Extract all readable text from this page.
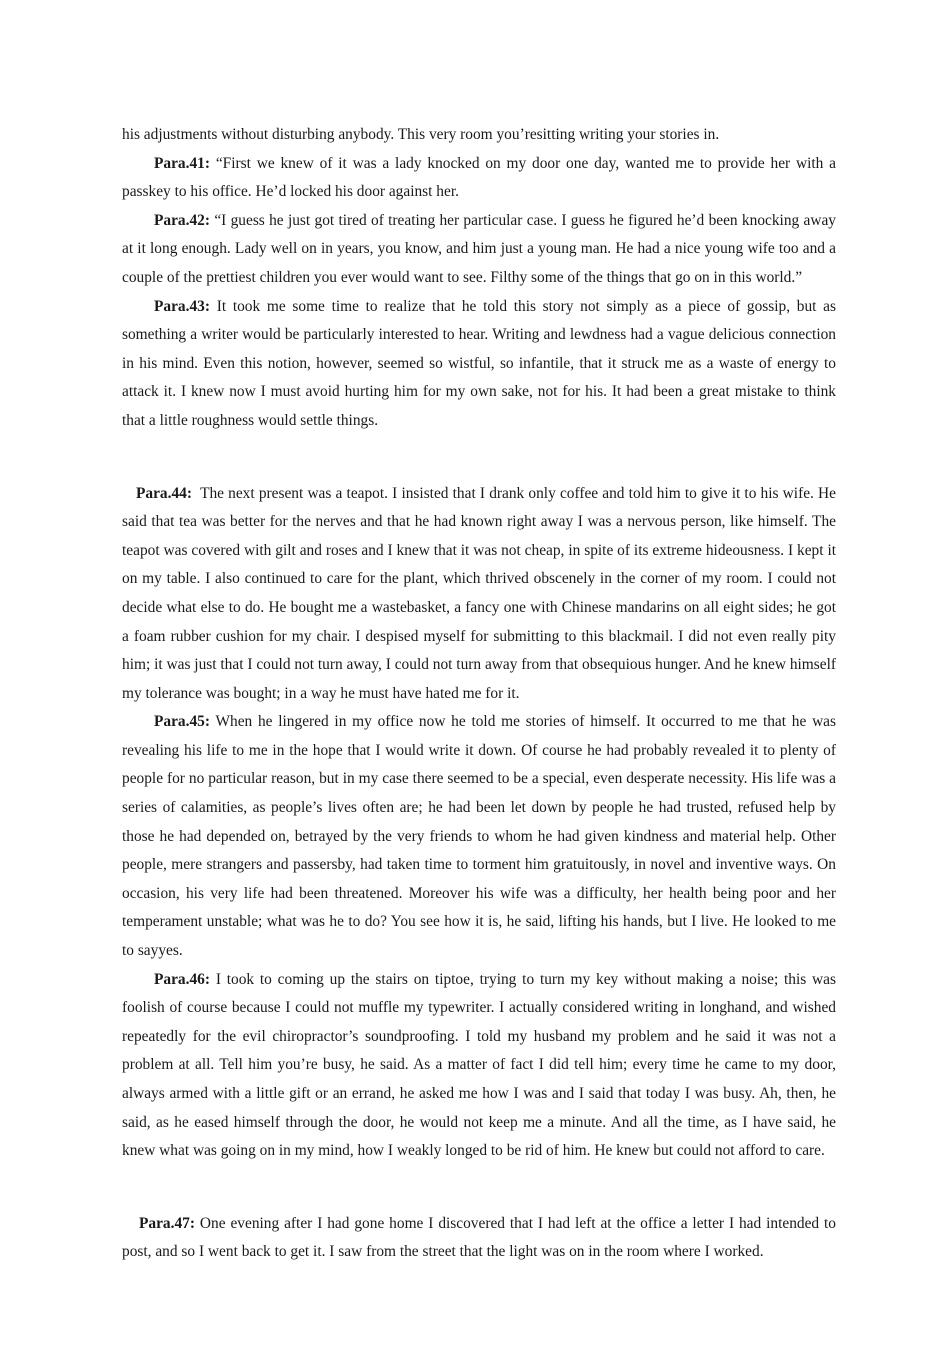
his adjustments without disturbing anybody. This very room you’resitting writing your stories in.

Para.41: “First we knew of it was a lady knocked on my door one day, wanted me to provide her with a passkey to his office. He’d locked his door against her.

Para.42: “I guess he just got tired of treating her particular case. I guess he figured he’d been knocking away at it long enough. Lady well on in years, you know, and him just a young man. He had a nice young wife too and a couple of the prettiest children you ever would want to see. Filthy some of the things that go on in this world.”

Para.43: It took me some time to realize that he told this story not simply as a piece of gossip, but as something a writer would be particularly interested to hear. Writing and lewdness had a vague delicious connection in his mind. Even this notion, however, seemed so wistful, so infantile, that it struck me as a waste of energy to attack it. I knew now I must avoid hurting him for my own sake, not for his. It had been a great mistake to think that a little roughness would settle things.

Para.44: The next present was a teapot. I insisted that I drank only coffee and told him to give it to his wife. He said that tea was better for the nerves and that he had known right away I was a nervous person, like himself. The teapot was covered with gilt and roses and I knew that it was not cheap, in spite of its extreme hideousness. I kept it on my table. I also continued to care for the plant, which thrived obscenely in the corner of my room. I could not decide what else to do. He bought me a wastebasket, a fancy one with Chinese mandarins on all eight sides; he got a foam rubber cushion for my chair. I despised myself for submitting to this blackmail. I did not even really pity him; it was just that I could not turn away, I could not turn away from that obsequious hunger. And he knew himself my tolerance was bought; in a way he must have hated me for it.

Para.45: When he lingered in my office now he told me stories of himself. It occurred to me that he was revealing his life to me in the hope that I would write it down. Of course he had probably revealed it to plenty of people for no particular reason, but in my case there seemed to be a special, even desperate necessity. His life was a series of calamities, as people’s lives often are; he had been let down by people he had trusted, refused help by those he had depended on, betrayed by the very friends to whom he had given kindness and material help. Other people, mere strangers and passersby, had taken time to torment him gratuitously, in novel and inventive ways. On occasion, his very life had been threatened. Moreover his wife was a difficulty, her health being poor and her temperament unstable; what was he to do? You see how it is, he said, lifting his hands, but I live. He looked to me to sayyes.

Para.46: I took to coming up the stairs on tiptoe, trying to turn my key without making a noise; this was foolish of course because I could not muffle my typewriter. I actually considered writing in longhand, and wished repeatedly for the evil chiropractor’s soundproofing. I told my husband my problem and he said it was not a problem at all. Tell him you’re busy, he said. As a matter of fact I did tell him; every time he came to my door, always armed with a little gift or an errand, he asked me how I was and I said that today I was busy. Ah, then, he said, as he eased himself through the door, he would not keep me a minute. And all the time, as I have said, he knew what was going on in my mind, how I weakly longed to be rid of him. He knew but could not afford to care.

Para.47: One evening after I had gone home I discovered that I had left at the office a letter I had intended to post, and so I went back to get it. I saw from the street that the light was on in the room where I worked.
